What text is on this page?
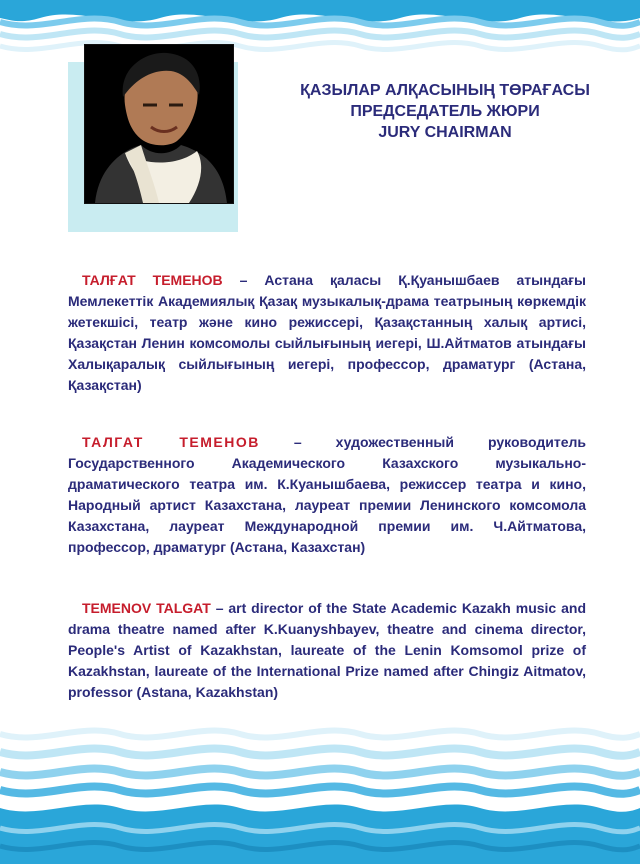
ҚАЗЫЛАР АЛҚАСЫНЫҢ ТӨРАҒАСЫ
ПРЕДСЕДАТЕЛЬ ЖЮРИ
JURY CHAIRMAN
ТАЛҒАТ ТЕМЕНОВ – Астана қаласы Қ.Қуанышбаев атындағы Мемлекеттік Академиялық Қазақ музыкалық-драма театрының көркемдік жетекшісі, театр және кино режиссері, Қазақстанның халық артисі, Қазақстан Ленин комсомолы сыйлығының иегері, Ш.Айтматов атындағы Халықаралық сыйлығының иегері, профессор, драматург (Астана, Қазақстан)
ТАЛГАТ ТЕМЕНОВ – художественный руководитель Государственного Академического Казахского музыкально-драматического театра им. К.Куанышбаева, режиссер театра и кино, Народный артист Казахстана, лауреат премии Ленинского комсомола Казахстана, лауреат Международной премии им. Ч.Айтматова, профессор, драматург (Астана, Казахстан)
TEMENOV TALGAT – art director of the State Academic Kazakh music and drama theatre named after K.Kuanyshbayev, theatre and cinema director, People's Artist of Kazakhstan, laureate of the Lenin Komsomol prize of Kazakhstan, laureate of the International Prize named after Chingiz Aitmatov, professor (Astana, Kazakhstan)
